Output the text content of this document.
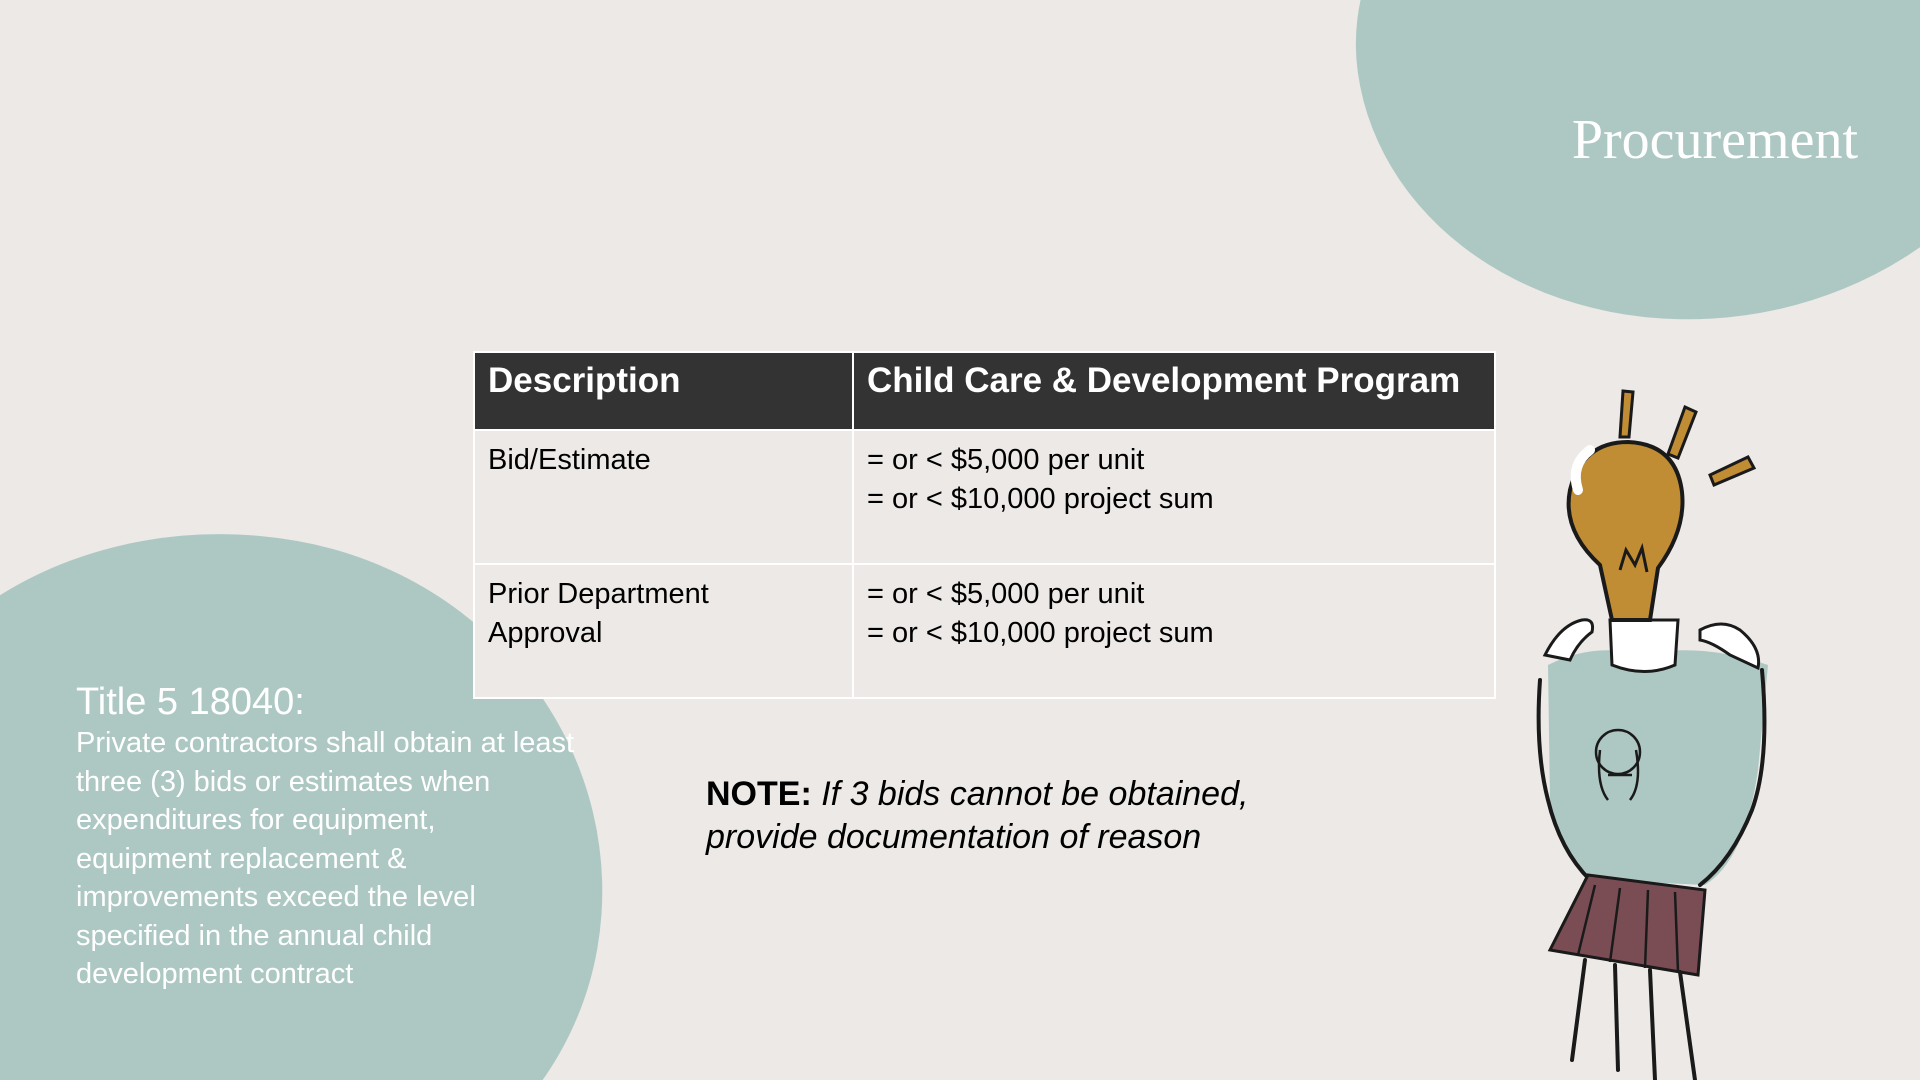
Procurement
Description	Child Care & Development Program

Bid/Estimate	= or < $5,000 per unit
= or < $10,000 project sum

Prior Department
Approval	= or < $5,000 per unit
= or < $10,000 project sum
Title 5 18040:

Private contractors shall obtain at least three (3) bids or estimates when expenditures for equipment, equipment replacement & improvements exceed the level specified in the annual child development contract

NOTE: If 3 bids cannot be obtained, provide documentation of reason
